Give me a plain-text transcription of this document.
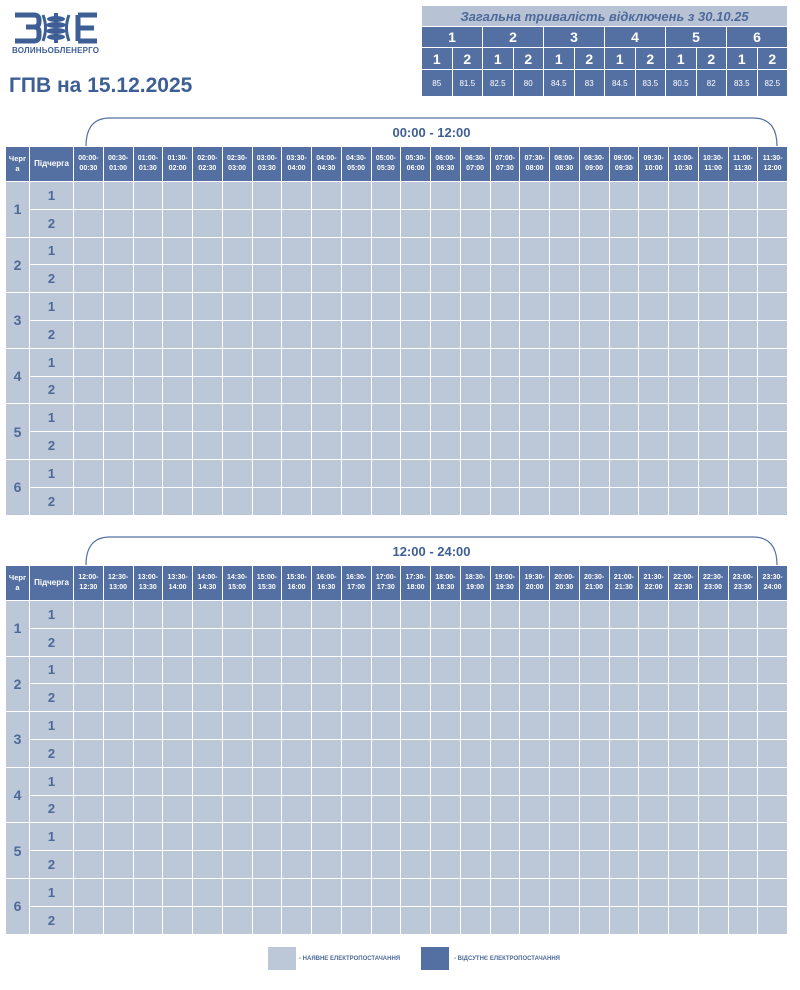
ВОЛИНЬОБЛЕНЕРГО
ГПВ на 15.12.2025
Загальна тривалість відключень з 30.10.25											
1		2		3		4		5		6	
1	2	1	2	1	2	1	2	1	2	1	2
85	81.5	82.5	80	84.5	83	84.5	83.5	80.5	82	83.5	82.5
00:00 - 12:00
Черг а	Підчерга	00:00-00:30	00:30-01:00	01:00-01:30	01:30-02:00	02:00-02:30	02:30-03:00	03:00-03:30	03:30-04:00	04:00-04:30	04:30-05:00	05:00-05:30	05:30-06:00	06:00-06:30	06:30-07:00	07:00-07:30	07:30-08:00	08:00-08:30	08:30-09:00	09:00-09:30	09:30-10:00	10:00-10:30	10:30-11:00	11:00-11:30	11:30-12:00
1	1																								
	2																								
2	1																								
	2																								
3	1																								
	2																								
4	1																								
	2																								
5	1																								
	2																								
6	1																								
	2																								
12:00 - 24:00
Черг а	Підчерга	12:00-12:30	12:30-13:00	13:00-13:30	13:30-14:00	14:00-14:30	14:30-15:00	15:00-15:30	15:30-16:00	16:00-16:30	16:30-17:00	17:00-17:30	17:30-18:00	18:00-18:30	18:30-19:00	19:00-19:30	19:30-20:00	20:00-20:30	20:30-21:00	21:00-21:30	21:30-22:00	22:00-22:30	22:30-23:00	23:00-23:30	23:30-24:00
1	1																								
	2																								
2	1																								
	2																								
3	1																								
	2																								
4	1																								
	2																								
5	1																								
	2																								
6	1																								
	2																								
- НАЯВНЕ ЕЛЕКТРОПОСТАЧАННЯ	- ВІДСУТНЄ ЕЛЕКТРОПОСТАЧАННЯ
